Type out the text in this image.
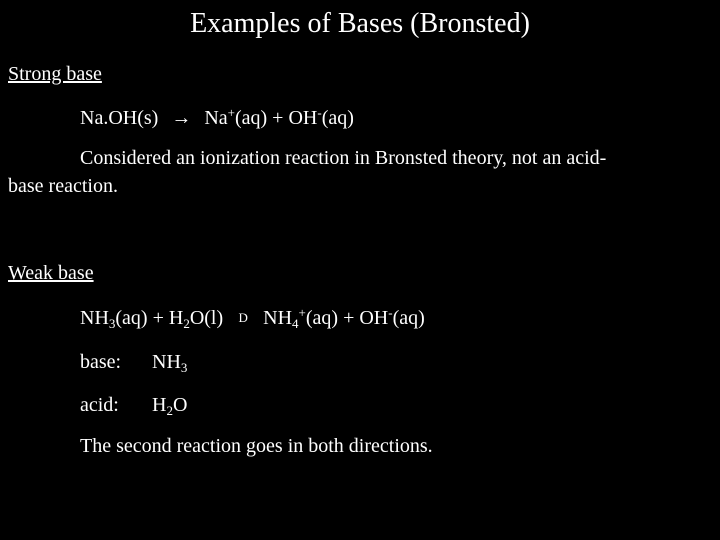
Examples of Bases (Bronsted)
Strong base
Na.OH(s) → Na+(aq) + OH-(aq)
Considered an ionization reaction in Bronsted theory, not an acid-
base reaction.
Weak base
$NH_3(aq) + H_2O(l)$ D $NH_4^+(aq) + OH^-(aq)$
base: $NH_3$
acid: $H_2O$
The second reaction goes in both directions.
